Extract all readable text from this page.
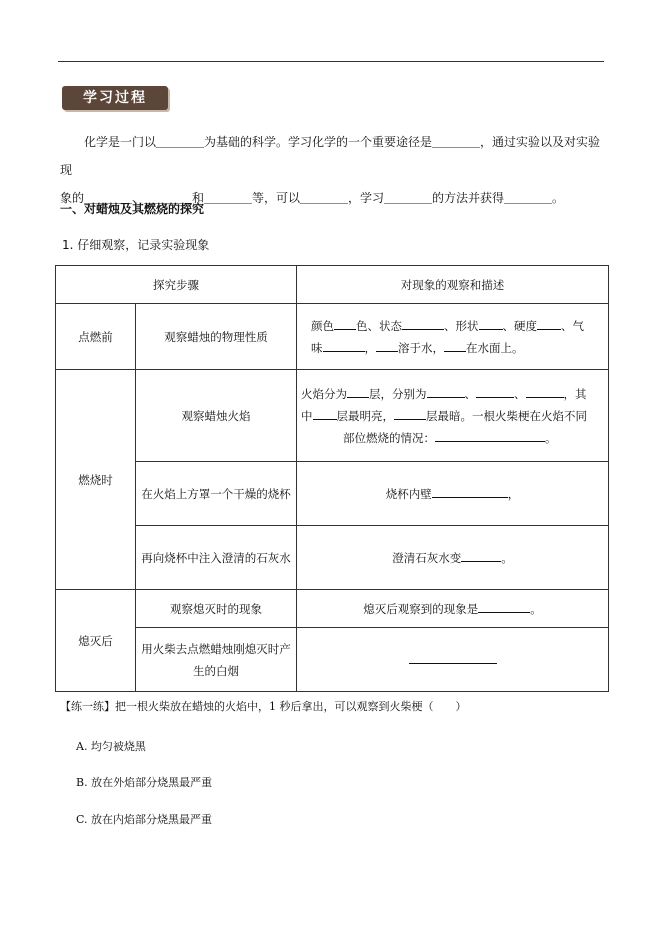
学习过程
化学是一门以＿＿＿＿为基础的科学。学习化学的一个重要途径是＿＿＿＿，通过实验以及对实验现
象的＿＿＿＿、＿＿＿＿和＿＿＿＿等，可以＿＿＿＿，学习＿＿＿＿的方法并获得＿＿＿＿。
一、对蜡烛及其燃烧的探究
1. 仔细观察，记录实验现象
探究步骤		对现象的观察和描述
点燃前	观察蜡烛的物理性质	颜色 色、状态 、形状 、硬度 、气
味 ， 溶于水， 在水面上。
燃烧时	观察蜡烛火焰	火焰分为 层，分别为 、 、 ，其
中 层最明亮， 层最暗。一根火柴梗在火焰不同
部位燃烧的情况： 。
	在火焰上方罩一个干燥的烧杯	烧杯内壁 ，
	再向烧杯中注入澄清的石灰水	澄清石灰水变 。
熄灭后	观察熄灭时的现象	熄灭后观察到的现象是 。
	用火柴去点燃蜡烛刚熄灭时产生的白烟	
【练一练】把一根火柴放在蜡烛的火焰中，1 秒后拿出，可以观察到火柴梗（　　）
A. 均匀被烧黑
B. 放在外焰部分烧黑最严重
C. 放在内焰部分烧黑最严重
